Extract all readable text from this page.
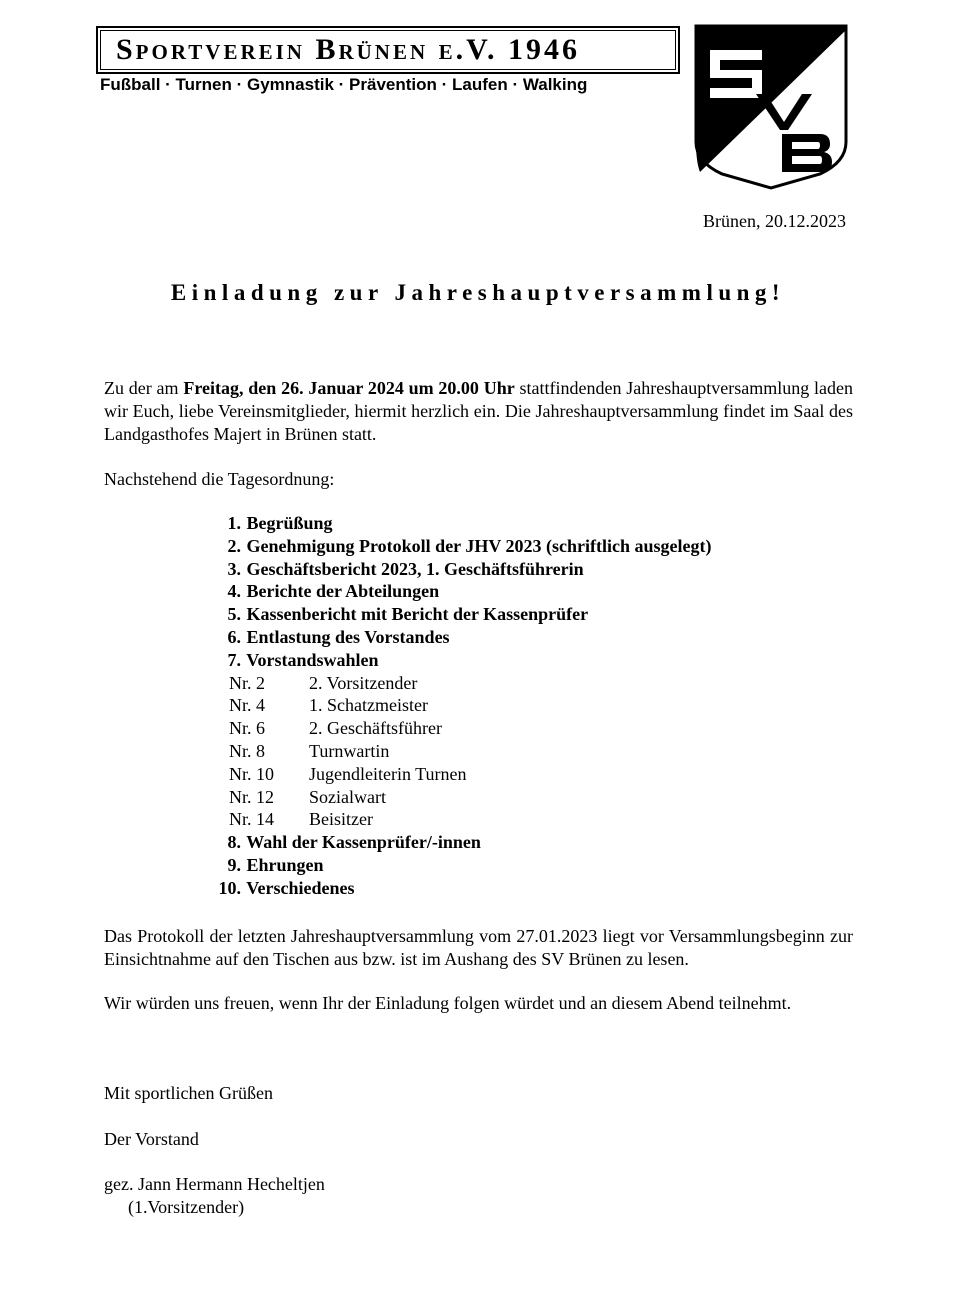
Sportverein Brünen e.V. 1946
Fußball · Turnen · Gymnastik · Prävention · Laufen · Walking
Brünen, 20.12.2023
Einladung zur Jahreshauptversammlung!
Zu der am Freitag, den 26. Januar 2024 um 20.00 Uhr stattfindenden Jahreshauptversammlung laden wir Euch, liebe Vereinsmitglieder, hiermit herzlich ein. Die Jahreshauptversammlung findet im Saal des Landgasthofes Majert in Brünen statt.
Nachstehend die Tagesordnung:
1. Begrüßung
2. Genehmigung Protokoll der JHV 2023 (schriftlich ausgelegt)
3. Geschäftsbericht 2023, 1. Geschäftsführerin
4. Berichte der Abteilungen
5. Kassenbericht mit Bericht der Kassenprüfer
6. Entlastung des Vorstandes
7. Vorstandswahlen
Nr. 2 2. Vorsitzender
Nr. 4 1. Schatzmeister
Nr. 6 2. Geschäftsführer
Nr. 8 Turnwartin
Nr. 10 Jugendleiterin Turnen
Nr. 12 Sozialwart
Nr. 14 Beisitzer
8. Wahl der Kassenprüfer/-innen
9. Ehrungen
10. Verschiedenes
Das Protokoll der letzten Jahreshauptversammlung vom 27.01.2023 liegt vor Versammlungsbeginn zur Einsichtnahme auf den Tischen aus bzw. ist im Aushang des SV Brünen zu lesen.
Wir würden uns freuen, wenn Ihr der Einladung folgen würdet und an diesem Abend teilnehmt.
Mit sportlichen Grüßen
Der Vorstand
gez. Jann Hermann Hecheltjen
(1.Vorsitzender)
